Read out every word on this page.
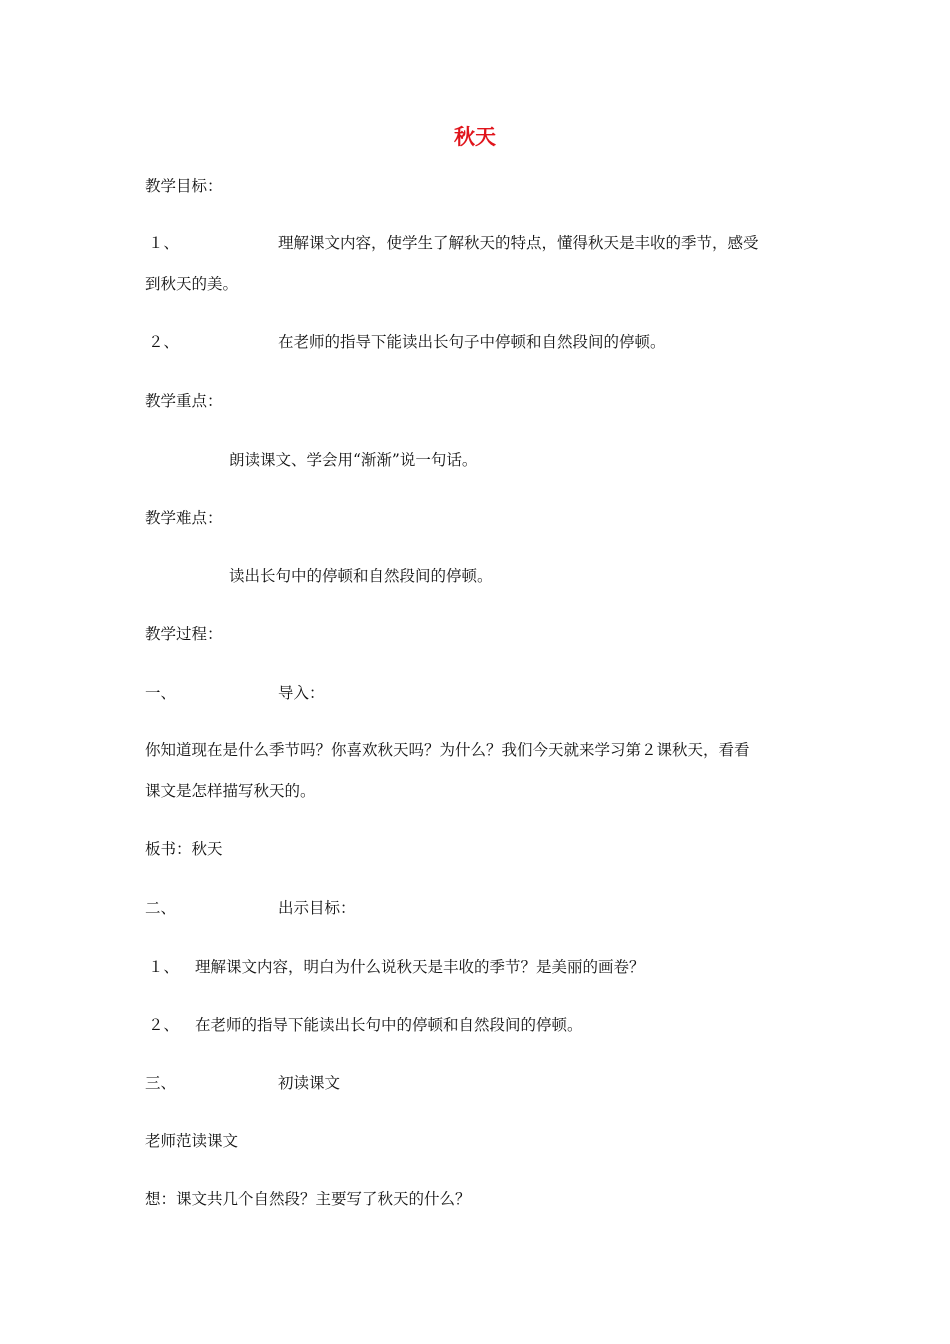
秋天
教学目标：
１、	理解课文内容，使学生了解秋天的特点，懂得秋天是丰收的季节，感受
到秋天的美。
２、	在老师的指导下能读出长句子中停顿和自然段间的停顿。
教学重点：
朗读课文、学会用“渐渐”说一句话。
教学难点：
读出长句中的停顿和自然段间的停顿。
教学过程：
一、	导入：
你知道现在是什么季节吗？你喜欢秋天吗？为什么？我们今天就来学习第２课秋天，看看
课文是怎样描写秋天的。
板书：秋天
二、	出示目标：
１、 理解课文内容，明白为什么说秋天是丰收的季节？是美丽的画卷？
２、 在老师的指导下能读出长句中的停顿和自然段间的停顿。
三、	初读课文
老师范读课文
想：课文共几个自然段？主要写了秋天的什么？
